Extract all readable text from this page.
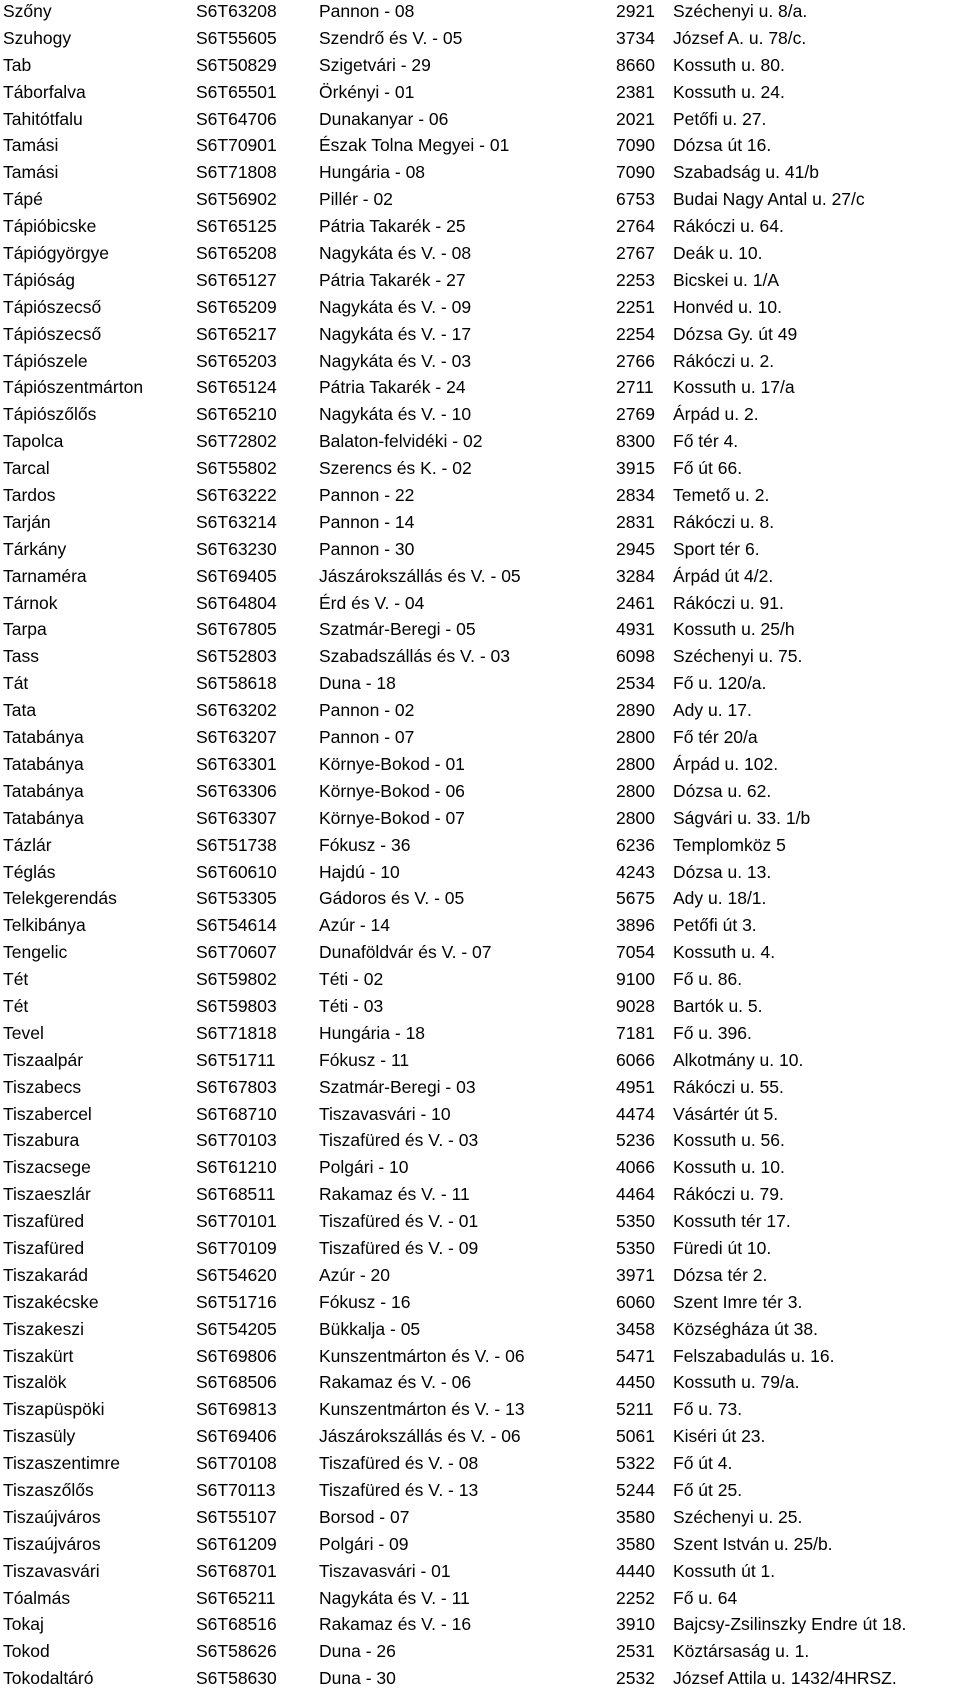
Szőny	S6T63208 Pannon - 08	2921 Széchenyi u. 8/a.
Szuhogy	S6T55605 Szendrő és V. - 05	3734 József A. u. 78/c.
Tab	S6T50829 Szigetvári - 29	8660 Kossuth u. 80.
Táborfalva	S6T65501 Örkényi - 01	2381 Kossuth u. 24.
Tahitótfalu	S6T64706 Dunakanyar - 06	2021 Petőfi u. 27.
Tamási	S6T70901 Észak Tolna Megyei - 01	7090 Dózsa út 16.
Tamási	S6T71808 Hungária - 08	7090 Szabadság u. 41/b
Tápé	S6T56902 Pillér - 02	6753 Budai Nagy Antal u. 27/c
Tápióbicske	S6T65125 Pátria Takarék - 25	2764 Rákóczi u. 64.
Tápiógyörgye	S6T65208 Nagykáta és V. - 08	2767 Deák u. 10.
Tápióság	S6T65127 Pátria Takarék - 27	2253 Bicskei u. 1/A
Tápiószecső	S6T65209 Nagykáta és V. - 09	2251 Honvéd u. 10.
Tápiószecső	S6T65217 Nagykáta és V. - 17	2254 Dózsa Gy. út 49
Tápiószele	S6T65203 Nagykáta és V. - 03	2766 Rákóczi u. 2.
Tápiószentmárton	S6T65124 Pátria Takarék - 24	2711 Kossuth u. 17/a
Tápiószőlős	S6T65210 Nagykáta és V. - 10	2769 Árpád u. 2.
Tapolca	S6T72802 Balaton-felvidéki - 02	8300 Fő tér 4.
Tarcal	S6T55802 Szerencs és K. - 02	3915 Fő út 66.
Tardos	S6T63222 Pannon - 22	2834 Temető u. 2.
Tarján	S6T63214 Pannon - 14	2831 Rákóczi u. 8.
Tárkány	S6T63230 Pannon - 30	2945 Sport tér 6.
Tarnaméra	S6T69405 Jászárokszállás és V. - 05	3284 Árpád út 4/2.
Tárnok	S6T64804 Érd és V. - 04	2461 Rákóczi u. 91.
Tarpa	S6T67805 Szatmár-Beregi - 05	4931 Kossuth u. 25/h
Tass	S6T52803 Szabadszállás és V. - 03	6098 Széchenyi u. 75.
Tát	S6T58618 Duna - 18	2534 Fő u. 120/a.
Tata	S6T63202 Pannon - 02	2890 Ady u. 17.
Tatabánya	S6T63207 Pannon - 07	2800 Fő tér 20/a
Tatabánya	S6T63301 Környe-Bokod - 01	2800 Árpád u. 102.
Tatabánya	S6T63306 Környe-Bokod - 06	2800 Dózsa u. 62.
Tatabánya	S6T63307 Környe-Bokod - 07	2800 Ságvári u. 33. 1/b
Tázlár	S6T51738 Fókusz - 36	6236 Templomköz 5
Téglás	S6T60610 Hajdú - 10	4243 Dózsa u. 13.
Telekgerendás	S6T53305 Gádoros és V. - 05	5675 Ady u. 18/1.
Telkibánya	S6T54614 Azúr - 14	3896 Petőfi út 3.
Tengelic	S6T70607 Dunaföldvár és V. - 07	7054 Kossuth u. 4.
Tét	S6T59802 Téti - 02	9100 Fő u. 86.
Tét	S6T59803 Téti - 03	9028 Bartók u. 5.
Tevel	S6T71818 Hungária - 18	7181 Fő u. 396.
Tiszaalpár	S6T51711 Fókusz - 11	6066 Alkotmány u. 10.
Tiszabecs	S6T67803 Szatmár-Beregi - 03	4951 Rákóczi u. 55.
Tiszabercel	S6T68710 Tiszavasvári - 10	4474 Vásártér út 5.
Tiszabura	S6T70103 Tiszafüred és V. - 03	5236 Kossuth u. 56.
Tiszacsege	S6T61210 Polgári - 10	4066 Kossuth u. 10.
Tiszaeszlár	S6T68511 Rakamaz és V. - 11	4464 Rákóczi u. 79.
Tiszafüred	S6T70101 Tiszafüred és V. - 01	5350 Kossuth tér 17.
Tiszafüred	S6T70109 Tiszafüred és V. - 09	5350 Füredi út 10.
Tiszakarád	S6T54620 Azúr - 20	3971 Dózsa tér 2.
Tiszakécske	S6T51716 Fókusz - 16	6060 Szent Imre tér 3.
Tiszakeszi	S6T54205 Bükkalja - 05	3458 Községháza út 38.
Tiszakürt	S6T69806 Kunszentmárton és V. - 06	5471 Felszabadulás u. 16.
Tiszalök	S6T68506 Rakamaz és V. - 06	4450 Kossuth u. 79/a.
Tiszapüspöki	S6T69813 Kunszentmárton és V. - 13	5211 Fő u. 73.
Tiszasüly	S6T69406 Jászárokszállás és V. - 06	5061 Kiséri út 23.
Tiszaszentimre	S6T70108 Tiszafüred és V. - 08	5322 Fő út 4.
Tiszaszőlős	S6T70113 Tiszafüred és V. - 13	5244 Fő út 25.
Tiszaújváros	S6T55107 Borsod - 07	3580 Széchenyi u. 25.
Tiszaújváros	S6T61209 Polgári - 09	3580 Szent István u. 25/b.
Tiszavasvári	S6T68701 Tiszavasvári - 01	4440 Kossuth út 1.
Tóalmás	S6T65211 Nagykáta és V. - 11	2252 Fő u. 64
Tokaj	S6T68516 Rakamaz és V. - 16	3910 Bajcsy-Zsilinszky Endre út 18.
Tokod	S6T58626 Duna - 26	2531 Köztársaság u. 1.
Tokodaltáró	S6T58630 Duna - 30	2532 József Attila u. 1432/4HRSZ.
